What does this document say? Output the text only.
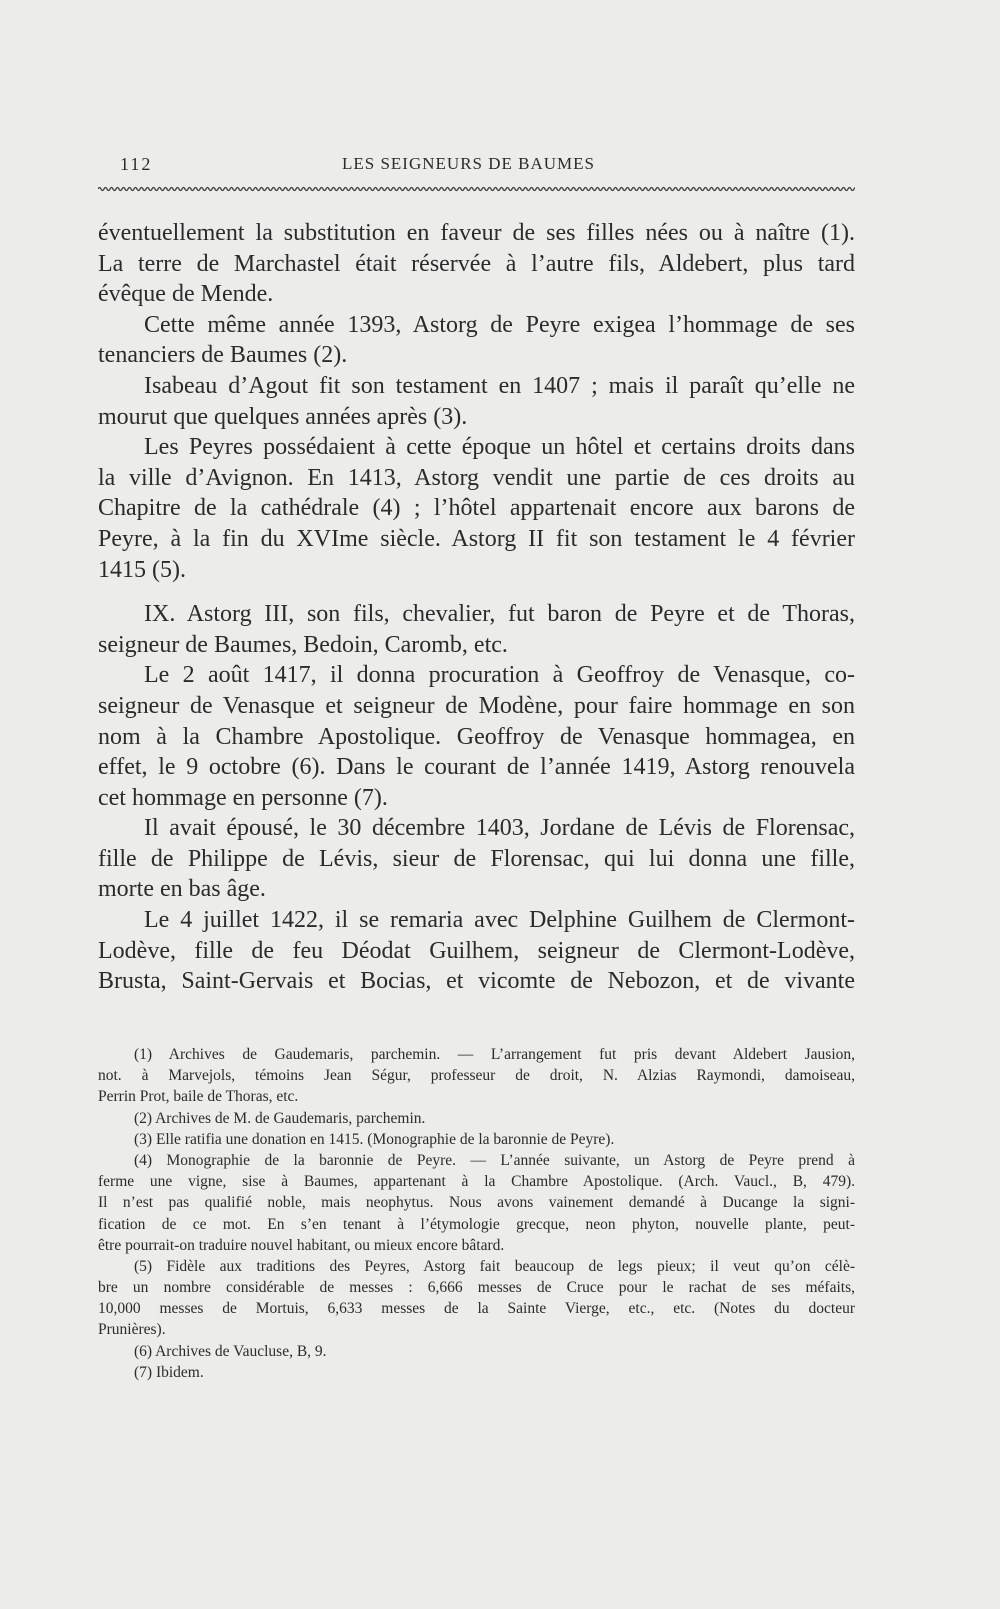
112	LES SEIGNEURS DE BAUMES
éventuellement la substitution en faveur de ses filles nées ou à naître (1).
La terre de Marchastel était réservée à l’autre fils, Aldebert, plus tard
évêque de Mende.
Cette même année 1393, Astorg de Peyre exigea l’hommage de ses
tenanciers de Baumes (2).
Isabeau d’Agout fit son testament en 1407 ; mais il paraît qu’elle ne
mourut que quelques années après (3).
Les Peyres possédaient à cette époque un hôtel et certains droits dans
la ville d’Avignon. En 1413, Astorg vendit une partie de ces droits au
Chapitre de la cathédrale (4) ; l’hôtel appartenait encore aux barons de
Peyre, à la fin du XVIme siècle. Astorg II fit son testament le 4 février
1415 (5).
IX. Astorg III, son fils, chevalier, fut baron de Peyre et de Thoras,
seigneur de Baumes, Bedoin, Caromb, etc.
Le 2 août 1417, il donna procuration à Geoffroy de Venasque, co-
seigneur de Venasque et seigneur de Modène, pour faire hommage en son
nom à la Chambre Apostolique. Geoffroy de Venasque hommagea, en
effet, le 9 octobre (6). Dans le courant de l’année 1419, Astorg renouvela
cet hommage en personne (7).
Il avait épousé, le 30 décembre 1403, Jordane de Lévis de Florensac,
fille de Philippe de Lévis, sieur de Florensac, qui lui donna une fille,
morte en bas âge.
Le 4 juillet 1422, il se remaria avec Delphine Guilhem de Clermont-
Lodève, fille de feu Déodat Guilhem, seigneur de Clermont-Lodève,
Brusta, Saint-Gervais et Bocias, et vicomte de Nebozon, et de vivante
(1) Archives de Gaudemaris, parchemin. — L’arrangement fut pris devant Aldebert Jausion,
not. à Marvejols, témoins Jean Ségur, professeur de droit, N. Alzias Raymondi, damoiseau,
Perrin Prot, baile de Thoras, etc.
(2) Archives de M. de Gaudemaris, parchemin.
(3) Elle ratifia une donation en 1415. (Monographie de la baronnie de Peyre).
(4) Monographie de la baronnie de Peyre. — L’année suivante, un Astorg de Peyre prend à
ferme une vigne, sise à Baumes, appartenant à la Chambre Apostolique. (Arch. Vaucl., B, 479).
Il n’est pas qualifié noble, mais neophytus. Nous avons vainement demandé à Ducange la signi-
fication de ce mot. En s’en tenant à l’étymologie grecque, neon phyton, nouvelle plante, peut-
être pourrait-on traduire nouvel habitant, ou mieux encore bâtard.
(5) Fidèle aux traditions des Peyres, Astorg fait beaucoup de legs pieux; il veut qu’on célè-
bre un nombre considérable de messes : 6,666 messes de Cruce pour le rachat de ses méfaits,
10,000 messes de Mortuis, 6,633 messes de la Sainte Vierge, etc., etc. (Notes du docteur
Prunières).
(6) Archives de Vaucluse, B, 9.
(7) Ibidem.
